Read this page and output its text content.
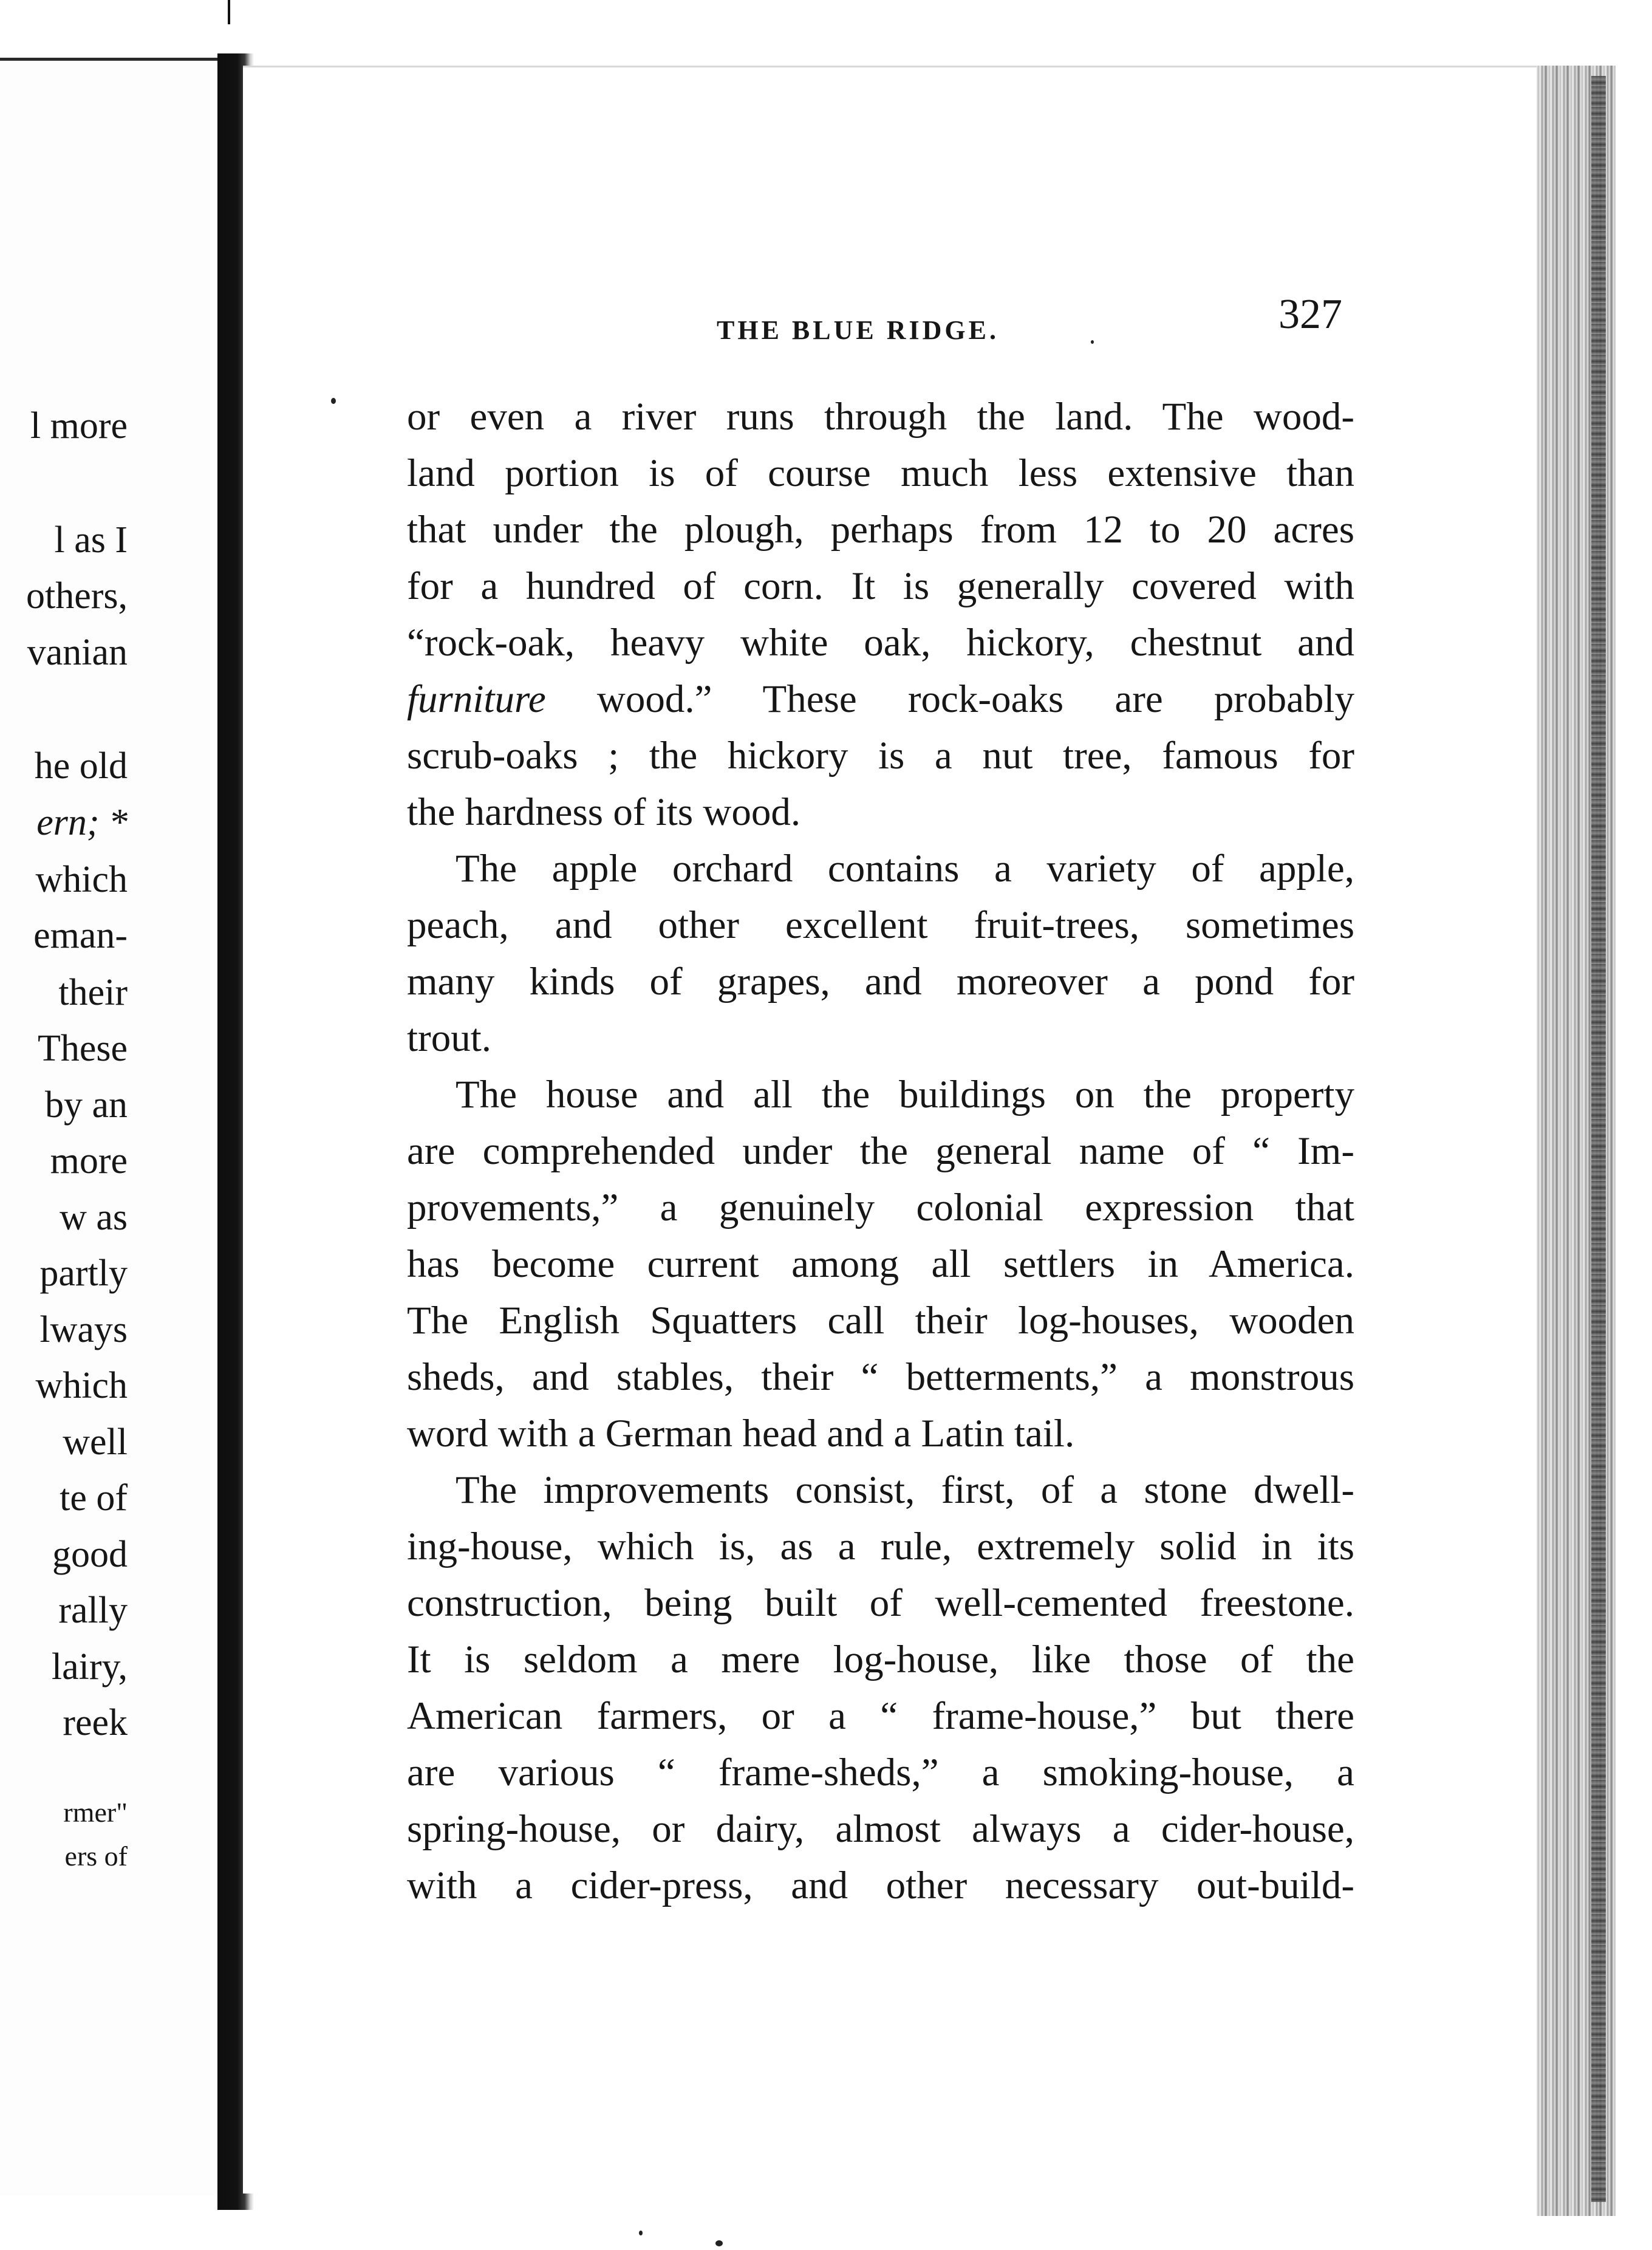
l more
l as I
others,
vanian
he old
ern; *
which
eman-
their
These
by an
more
w as
partly
lways
which
well
te of
good
rally
lairy,
reek
rmer"
ers of
THE BLUE RIDGE.	327
or even a river runs through the land. The wood-
land portion is of course much less extensive than
that under the plough, perhaps from 12 to 20 acres
for a hundred of corn. It is generally covered with
“rock-oak, heavy white oak, hickory, chestnut and
furniture wood.” These rock-oaks are probably
scrub-oaks ; the hickory is a nut tree, famous for
the hardness of its wood.
The apple orchard contains a variety of apple,
peach, and other excellent fruit-trees, sometimes
many kinds of grapes, and moreover a pond for
trout.
The house and all the buildings on the property
are comprehended under the general name of “ Im-
provements,” a genuinely colonial expression that
has become current among all settlers in America.
The English Squatters call their log-houses, wooden
sheds, and stables, their “ betterments,” a monstrous
word with a German head and a Latin tail.
The improvements consist, first, of a stone dwell-
ing-house, which is, as a rule, extremely solid in its
construction, being built of well-cemented freestone.
It is seldom a mere log-house, like those of the
American farmers, or a “ frame-house,” but there
are various “ frame-sheds,” a smoking-house, a
spring-house, or dairy, almost always a cider-house,
with a cider-press, and other necessary out-build-
